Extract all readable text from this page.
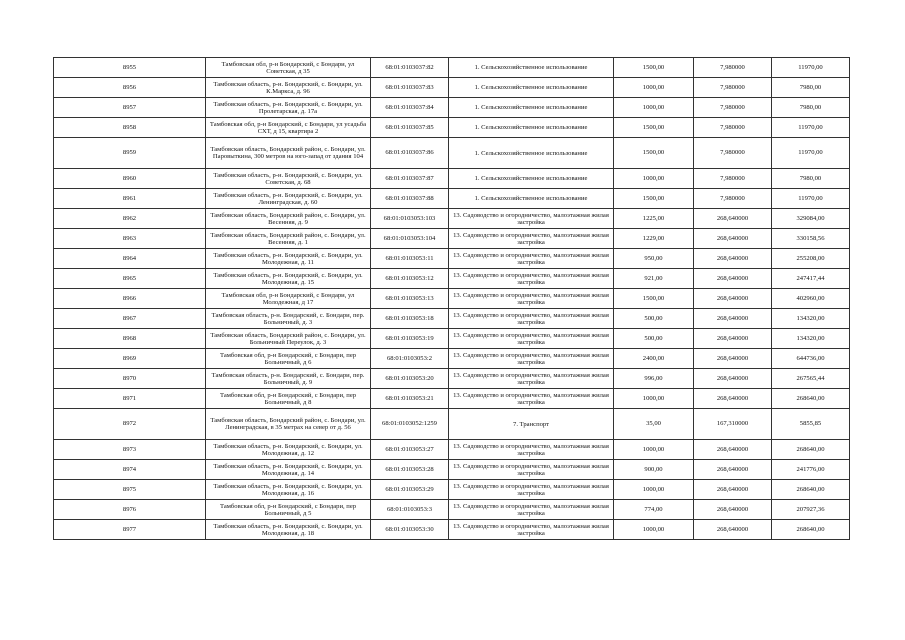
8955	Тамбовская обл, р-н Бондарский, с Бондари, ул Советская, д 35	68:01:0103037:82	1. Сельскохозяйственное использование	1500,00	7,980000	11970,00
8956	Тамбовская область, р-н. Бондарский, с. Бондари, ул. К.Маркса, д. 96	68:01:0103037:83	1. Сельскохозяйственное использование	1000,00	7,980000	7980,00
8957	Тамбовская область, р-н. Бондарский, с. Бондари, ул. Пролетарская, д. 17а	68:01:0103037:84	1. Сельскохозяйственное использование	1000,00	7,980000	7980,00
8958	Тамбовская обл, р-н Бондарский, с Бондари, ул усадьба СХТ, д 15, квартира 2	68:01:0103037:85	1. Сельскохозяйственное использование	1500,00	7,980000	11970,00
8959	Тамбовская область, Бондарский район, с. Бондари, ул. Паровыткина, 300 метров на юго-запад от здания 104	68:01:0103037:86	1. Сельскохозяйственное использование	1500,00	7,980000	11970,00
8960	Тамбовская область, р-н. Бондарский, с. Бондари, ул. Советская, д. 68	68:01:0103037:87	1. Сельскохозяйственное использование	1000,00	7,980000	7980,00
8961	Тамбовская область, р-н. Бондарский, с. Бондари, ул. Ленинградская, д. 60	68:01:0103037:88	1. Сельскохозяйственное использование	1500,00	7,980000	11970,00
8962	Тамбовская область, Бондарский район, с. Бондари, ул. Весенняя, д. 9	68:01:0103053:103	13. Садоводство и огородничество, малоэтажная жилая застройка	1225,00	268,640000	329084,00
8963	Тамбовская область, Бондарский район, с. Бондари, ул. Весенняя, д. 1	68:01:0103053:104	13. Садоводство и огородничество, малоэтажная жилая застройка	1229,00	268,640000	330158,56
8964	Тамбовская область, р-н. Бондарский, с. Бондари, ул. Молодежная, д. 11	68:01:0103053:11	13. Садоводство и огородничество, малоэтажная жилая застройка	950,00	268,640000	255208,00
8965	Тамбовская область, р-н. Бондарский, с. Бондари, ул. Молодежная, д. 15	68:01:0103053:12	13. Садоводство и огородничество, малоэтажная жилая застройка	921,00	268,640000	247417,44
8966	Тамбовская обл, р-н Бондарский, с Бондари, ул Молодежная, д 17	68:01:0103053:13	13. Садоводство и огородничество, малоэтажная жилая застройка	1500,00	268,640000	402960,00
8967	Тамбовская область, р-н. Бондарский, с. Бондари, пер. Больничный, д. 3	68:01:0103053:18	13. Садоводство и огородничество, малоэтажная жилая застройка	500,00	268,640000	134320,00
8968	Тамбовская область, Бондарский район, с. Бондари, ул. Больничный Переулок, д. 3	68:01:0103053:19	13. Садоводство и огородничество, малоэтажная жилая застройка	500,00	268,640000	134320,00
8969	Тамбовская обл, р-н Бондарский, с Бондари, пер Больничный, д 6	68:01:0103053:2	13. Садоводство и огородничество, малоэтажная жилая застройка	2400,00	268,640000	644736,00
8970	Тамбовская область, р-н. Бондарский, с. Бондари, пер. Больничный, д. 9	68:01:0103053:20	13. Садоводство и огородничество, малоэтажная жилая застройка	996,00	268,640000	267565,44
8971	Тамбовская обл, р-н Бондарский, с Бондари, пер Больничный, д 8	68:01:0103053:21	13. Садоводство и огородничество, малоэтажная жилая застройка	1000,00	268,640000	268640,00
8972	Тамбовская область, Бондарский район, с. Бондари, ул. Ленинградская, в 35 метрах на север от д. 56	68:01:0103052:1259	7. Транспорт	35,00	167,310000	5855,85
8973	Тамбовская область, р-н. Бондарский, с. Бондари, ул. Молодежная, д. 12	68:01:0103053:27	13. Садоводство и огородничество, малоэтажная жилая застройка	1000,00	268,640000	268640,00
8974	Тамбовская область, р-н. Бондарский, с. Бондари, ул. Молодежная, д. 14	68:01:0103053:28	13. Садоводство и огородничество, малоэтажная жилая застройка	900,00	268,640000	241776,00
8975	Тамбовская область, р-н. Бондарский, с. Бондари, ул. Молодежная, д. 16	68:01:0103053:29	13. Садоводство и огородничество, малоэтажная жилая застройка	1000,00	268,640000	268640,00
8976	Тамбовская обл, р-н Бондарский, с Бондари, пер Больничный, д 5	68:01:0103053:3	13. Садоводство и огородничество, малоэтажная жилая застройка	774,00	268,640000	207927,36
8977	Тамбовская область, р-н. Бондарский, с. Бондари, ул. Молодежная, д. 18	68:01:0103053:30	13. Садоводство и огородничество, малоэтажная жилая застройка	1000,00	268,640000	268640,00
